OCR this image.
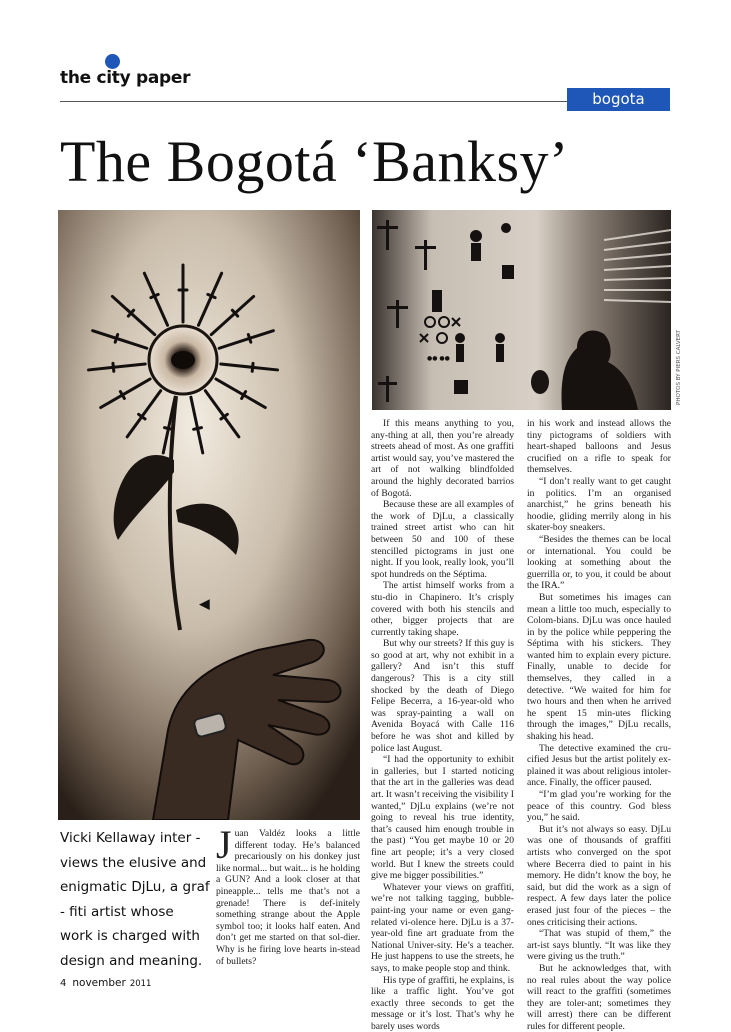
the city paper
bogota
The Bogotá ‘Banksy’
▲
●● ●●	PHOTOS BY PIERS CALVERT
Vicki Kellaway inter - views the elusive and enigmatic DjLu, a graf - fiti artist whose work is charged with design and meaning.

Juan Valdéz looks a little different today. He’s balanced precariously on his donkey just like normal... but wait... is he holding a GUN? And a look closer at that pineapple... tells me that’s not a grenade! There is def-initely something strange about the Apple symbol too; it looks half eaten. And don’t get me started on that sol-dier. Why is he firing love hearts in-stead of bullets?

If this means anything to you, any-thing at all, then you’re already streets ahead of most. As one graffiti artist would say, you’ve mastered the art of not walking blindfolded around the highly decorated barrios of Bogotá.

Because these are all examples of the work of DjLu, a classically trained street artist who can hit between 50 and 100 of these stencilled pictograms in just one night. If you look, really look, you’ll spot hundreds on the Séptima.

The artist himself works from a stu-dio in Chapinero. It’s crisply covered with both his stencils and other, bigger projects that are currently taking shape.

But why our streets? If this guy is so good at art, why not exhibit in a gallery? And isn’t this stuff dangerous? This is a city still shocked by the death of Diego Felipe Becerra, a 16-year-old who was spray-painting a wall on Avenida Boyacá with Calle 116 before he was shot and killed by police last August.

“I had the opportunity to exhibit in galleries, but I started noticing that the art in the galleries was dead art. It wasn’t receiving the visibility I wanted,” DjLu explains (we’re not going to reveal his true identity, that’s caused him enough trouble in the past) “You get maybe 10 or 20 fine art people; it’s a very closed world. But I knew the streets could give me bigger possibilities.”

Whatever your views on graffiti, we’re not talking tagging, bubble-paint-ing your name or even gang-related vi-olence here. DjLu is a 37-year-old fine art graduate from the National Univer-sity. He’s a teacher. He just happens to use the streets, he says, to make people stop and think.

His type of graffiti, he explains, is like a traffic light. You’ve got exactly three seconds to get the message or it’s lost. That’s why he barely uses words

in his work and instead allows the tiny pictograms of soldiers with heart-shaped balloons and Jesus crucified on a rifle to speak for themselves.

“I don’t really want to get caught in politics. I’m an organised anarchist,” he grins beneath his hoodie, gliding merrily along in his skater-boy sneakers.

“Besides the themes can be local or international. You could be looking at something about the guerrilla or, to you, it could be about the IRA.”

But sometimes his images can mean a little too much, especially to Colom-bians. DjLu was once hauled in by the police while peppering the Séptima with his stickers. They wanted him to explain every picture. Finally, unable to decide for themselves, they called in a detective. “We waited for him for two hours and then when he arrived he spent 15 min-utes flicking through the images,” DjLu recalls, shaking his head.

The detective examined the cru-cified Jesus but the artist politely ex-plained it was about religious intoler-ance. Finally, the officer paused.

“I’m glad you’re working for the peace of this country. God bless you,” he said.

But it’s not always so easy. DjLu was one of thousands of graffiti artists who converged on the spot where Becerra died to paint in his memory. He didn’t know the boy, he said, but did the work as a sign of respect. A few days later the police erased just four of the pieces – the ones criticising their actions.

“That was stupid of them,” the art-ist says bluntly. “It was like they were giving us the truth.”

But he acknowledges that, with no real rules about the way police will react to the graffiti (sometimes they are toler-ant; sometimes they will arrest) there can be different rules for different people.

4 november 2011
